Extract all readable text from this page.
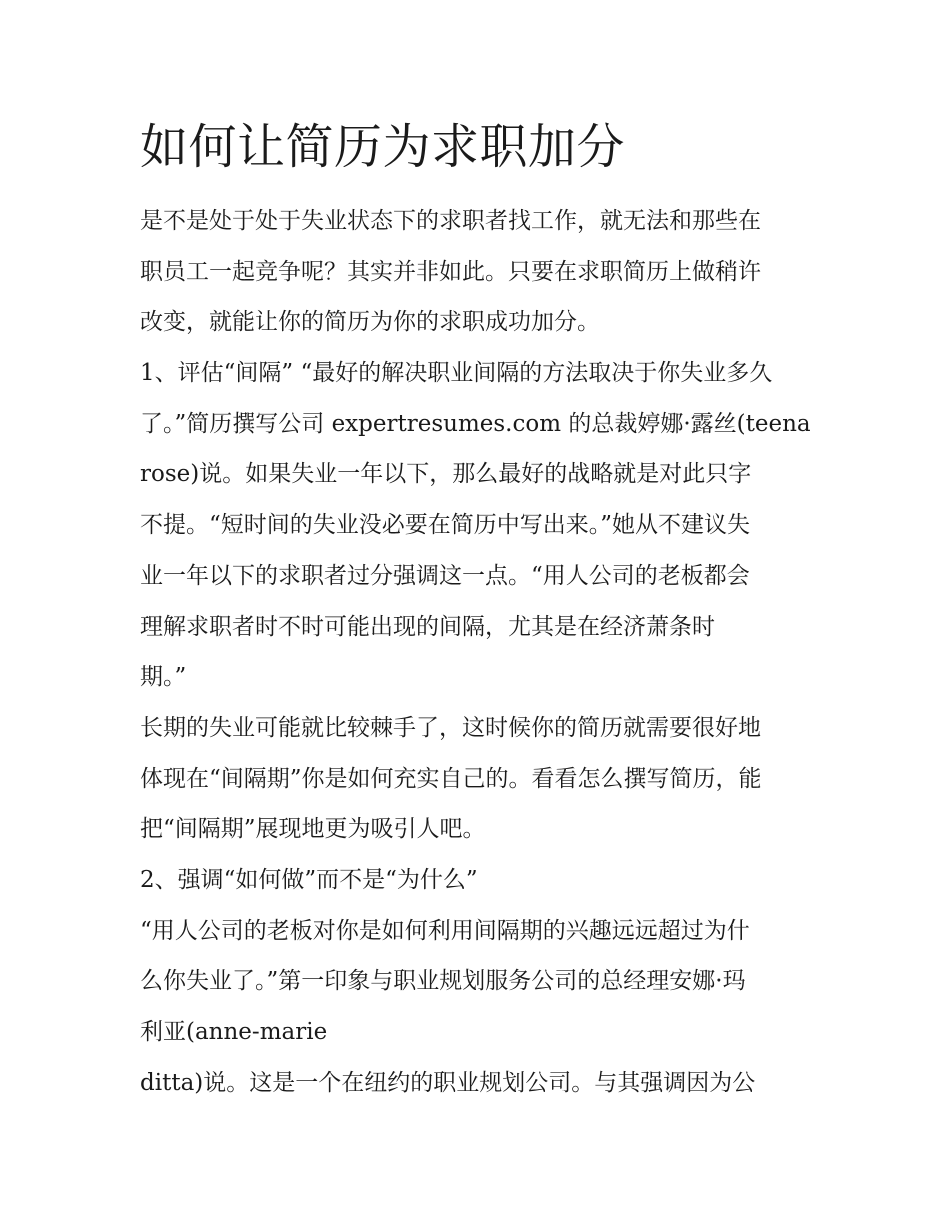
如何让简历为求职加分

是不是处于处于失业状态下的求职者找工作，就无法和那些在

职员工一起竞争呢？其实并非如此。只要在求职简历上做稍许

改变，就能让你的简历为你的求职成功加分。

1、评估“间隔” “最好的解决职业间隔的方法取决于你失业多久

了。”简历撰写公司 expertresumes.com 的总裁婷娜·露丝(teena

rose)说。如果失业一年以下，那么最好的战略就是对此只字

不提。“短时间的失业没必要在简历中写出来。”她从不建议失

业一年以下的求职者过分强调这一点。“用人公司的老板都会

理解求职者时不时可能出现的间隔，尤其是在经济萧条时

期。”

长期的失业可能就比较棘手了，这时候你的简历就需要很好地

体现在“间隔期”你是如何充实自己的。看看怎么撰写简历，能

把“间隔期”展现地更为吸引人吧。

2、强调“如何做”而不是“为什么”

“用人公司的老板对你是如何利用间隔期的兴趣远远超过为什

么你失业了。”第一印象与职业规划服务公司的总经理安娜·玛

利亚(anne-marie

ditta)说。这是一个在纽约的职业规划公司。与其强调因为公
